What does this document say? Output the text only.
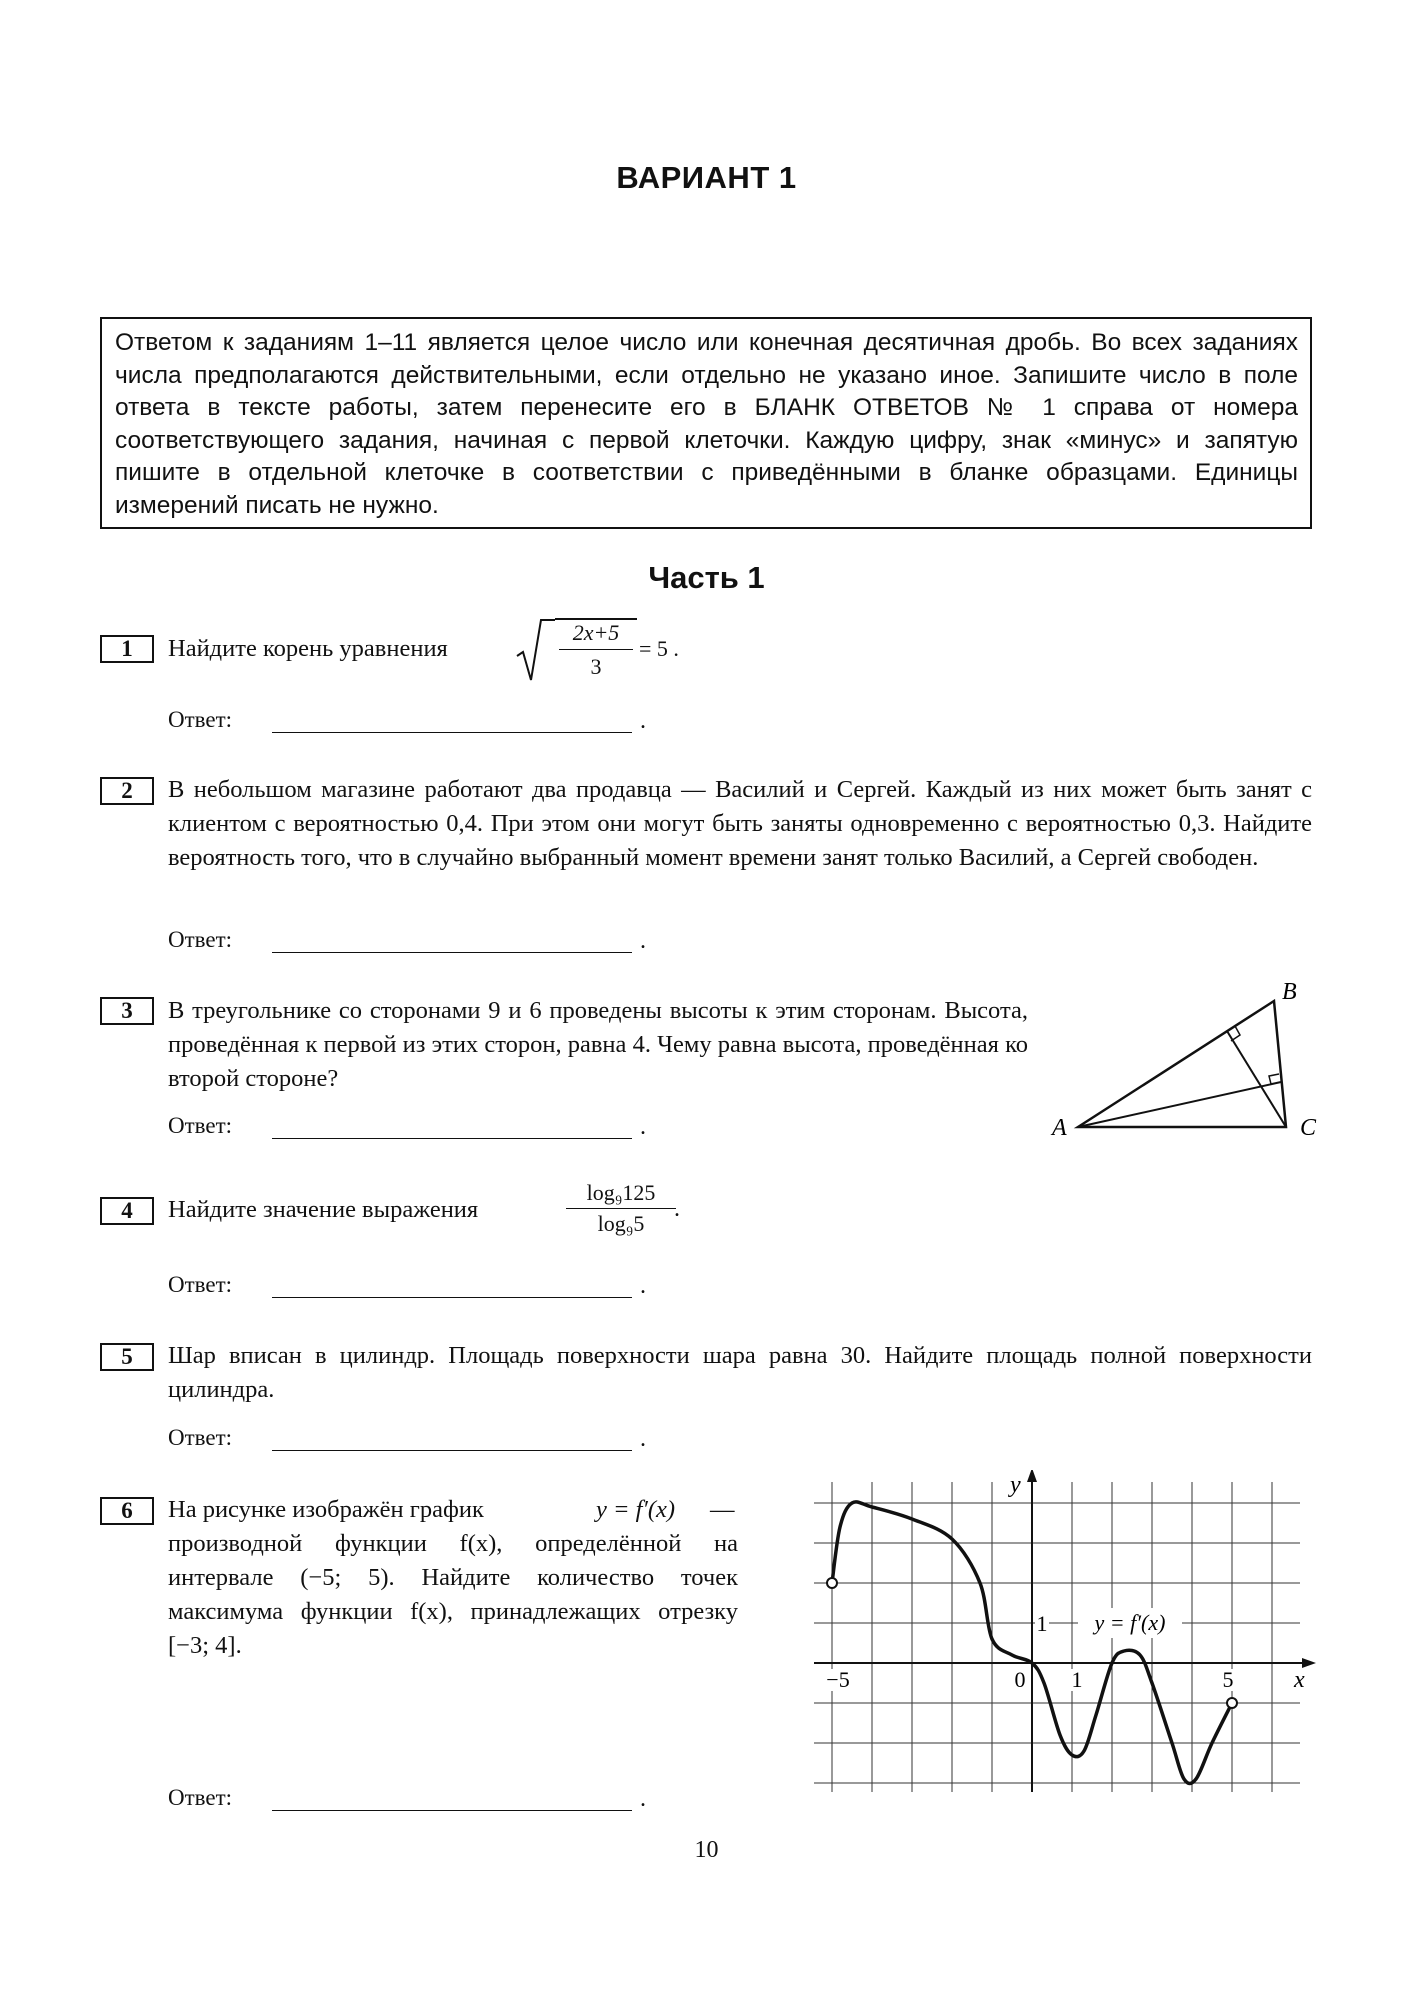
ВАРИАНТ 1
Ответом к заданиям 1–11 является целое число или конечная десятичная дробь. Во всех заданиях числа предполагаются действительными, если отдельно не указано иное. Запишите число в поле ответа в тексте работы, затем перенесите его в БЛАНК ОТВЕТОВ № 1 справа от номера соответствующего задания, начиная с первой клеточки. Каждую цифру, знак «минус» и запятую пишите в отдельной клеточке в соответствии с приведёнными в бланке образцами. Единицы измерений писать не нужно.
Часть 1
1	Найдите корень уравнения
2x+5
3
= 5 .
Ответ:	.
2	В небольшом магазине работают два продавца — Василий и Сергей. Каждый из них может быть занят с клиентом с вероятностью 0,4. При этом они могут быть заняты одновременно с вероятностью 0,3. Найдите вероятность того, что в случайно выбранный момент времени занят только Василий, а Сергей свободен.
Ответ:	.
3	В треугольнике со сторонами 9 и 6 проведены высоты к этим сторонам. Высота, проведённая к первой из этих сторон, равна 4. Чему равна высота, проведённая ко второй стороне?
Ответ:	.	A
B
C
4	Найдите значение выражения	$\frac{\text{log₉125}}{\text{log₉5}}$
.
Ответ:	.
5	Шар вписан в цилиндр. Площадь поверхности шара равна 30. Найдите площадь полной поверхности цилиндра.
Ответ:	.
6	На рисунке изображён график	y = f′(x)	— производной функции f(x), определённой на интервале (−5; 5). Найдите количество точек максимума функции f(x), принадлежащих отрезку [−3; 4].
Ответ:	.
y = f′(x)
x
y
−5	0 1	5
1
10
